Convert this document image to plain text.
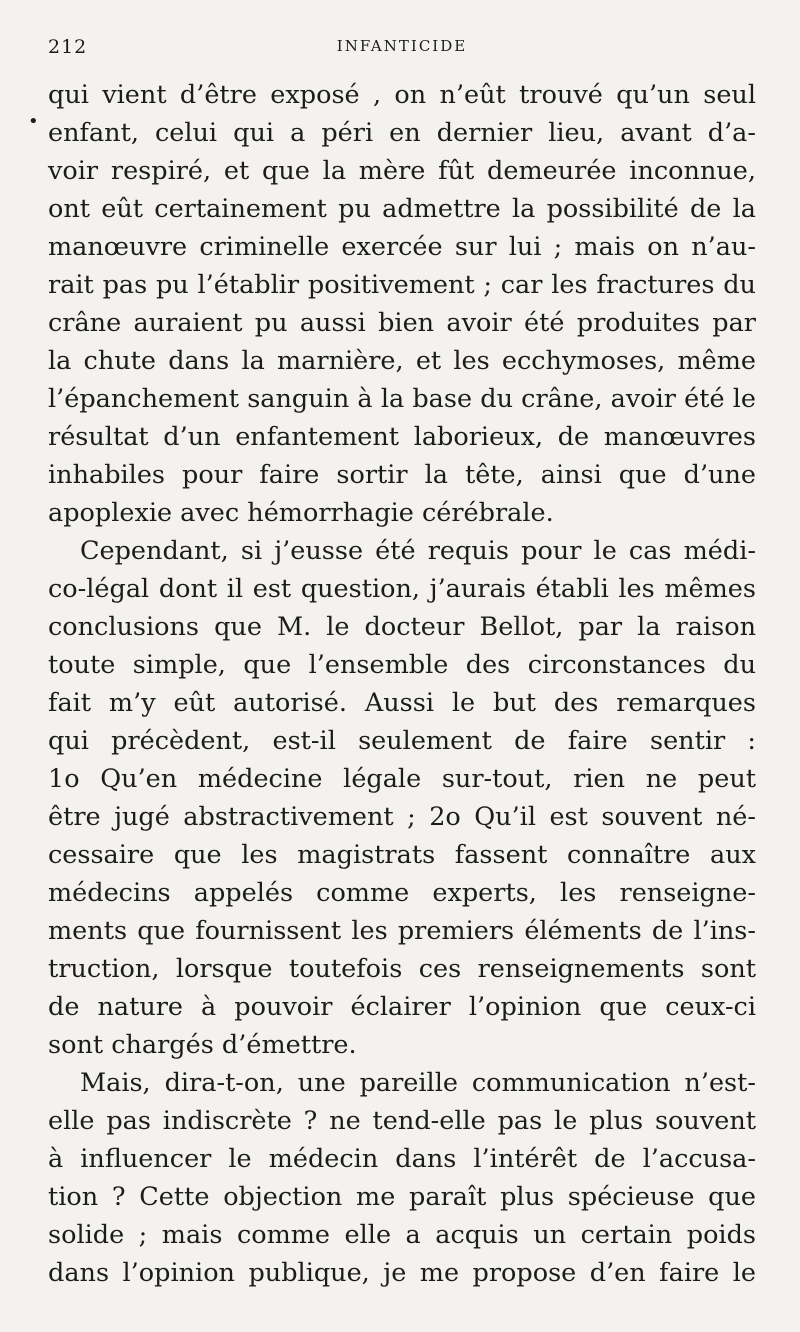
212	INFANTICIDE
•
qui vient d’être exposé , on n’eût trouvé qu’un seul
enfant, celui qui a péri en dernier lieu, avant d’a-
voir respiré, et que la mère fût demeurée inconnue,
ont eût certainement pu admettre la possibilité de la
manœuvre criminelle exercée sur lui ; mais on n’au-
rait pas pu l’établir positivement ; car les fractures du
crâne auraient pu aussi bien avoir été produites par
la chute dans la marnière, et les ecchymoses, même
l’épanchement sanguin à la base du crâne, avoir été le
résultat d’un enfantement laborieux, de manœuvres
inhabiles pour faire sortir la tête, ainsi que d’une
apoplexie avec hémorrhagie cérébrale.
Cependant, si j’eusse été requis pour le cas médi-
co-légal dont il est question, j’aurais établi les mêmes
conclusions que M. le docteur Bellot, par la raison
toute simple, que l’ensemble des circonstances du
fait m’y eût autorisé. Aussi le but des remarques
qui précèdent, est-il seulement de faire sentir :
1o Qu’en médecine légale sur-tout, rien ne peut
être jugé abstractivement ; 2o Qu’il est souvent né-
cessaire que les magistrats fassent connaître aux
médecins appelés comme experts, les renseigne-
ments que fournissent les premiers éléments de l’ins-
truction, lorsque toutefois ces renseignements sont
de nature à pouvoir éclairer l’opinion que ceux-ci
sont chargés d’émettre.
Mais, dira-t-on, une pareille communication n’est-
elle pas indiscrète ? ne tend-elle pas le plus souvent
à influencer le médecin dans l’intérêt de l’accusa-
tion ? Cette objection me paraît plus spécieuse que
solide ; mais comme elle a acquis un certain poids
dans l’opinion publique, je me propose d’en faire le
